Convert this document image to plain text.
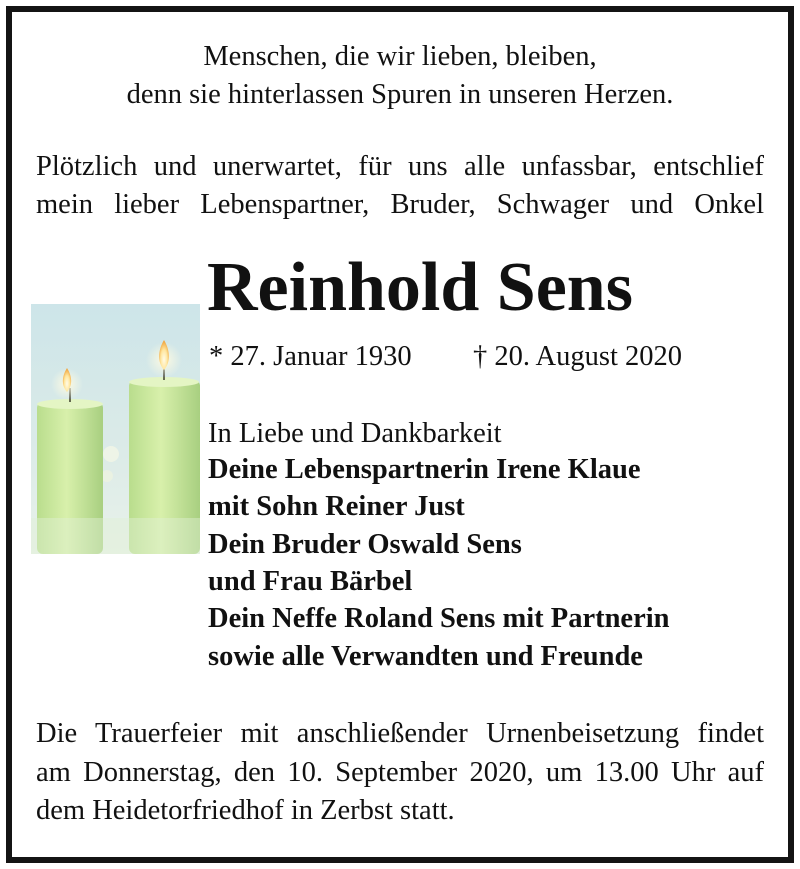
Menschen, die wir lieben, bleiben,
denn sie hinterlassen Spuren in unseren Herzen.
Plötzlich und unerwartet, für uns alle unfassbar, entschlief
mein lieber Lebenspartner, Bruder, Schwager und Onkel
Reinhold Sens
* 27. Januar 1930 † 20. August 2020
In Liebe und Dankbarkeit
Deine Lebenspartnerin Irene Klaue
mit Sohn Reiner Just
Dein Bruder Oswald Sens
und Frau Bärbel
Dein Neffe Roland Sens mit Partnerin
sowie alle Verwandten und Freunde
Die Trauerfeier mit anschließender Urnenbeisetzung findet
am Donnerstag, den 10. September 2020, um 13.00 Uhr auf
dem Heidetorfriedhof in Zerbst statt.
